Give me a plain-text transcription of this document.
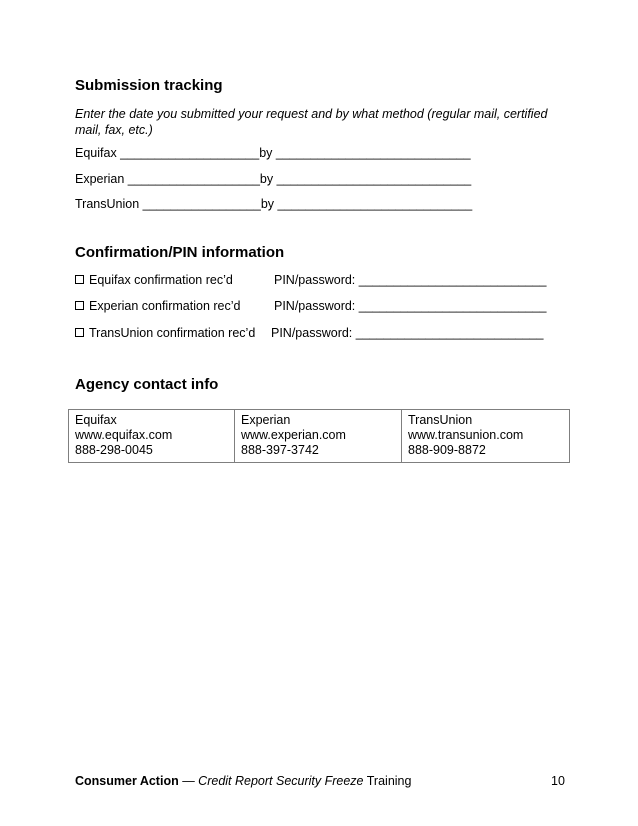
Submission tracking
Enter the date you submitted your request and by what method (regular mail, certified mail, fax, etc.)
Equifax ____________________by ____________________________
Experian ___________________by ____________________________
TransUnion _________________by ____________________________
Confirmation/PIN information
Equifax confirmation rec’d	PIN/password: ___________________________
Experian confirmation rec’d	PIN/password: ___________________________
TransUnion confirmation rec’d PIN/password: ___________________________
Agency contact info
Equifax
www.equifax.com
888-298-0045

Experian
www.experian.com
888-397-3742

TransUnion
www.transunion.com
888-909-8872
Consumer Action — Credit Report Security Freeze Training	10
